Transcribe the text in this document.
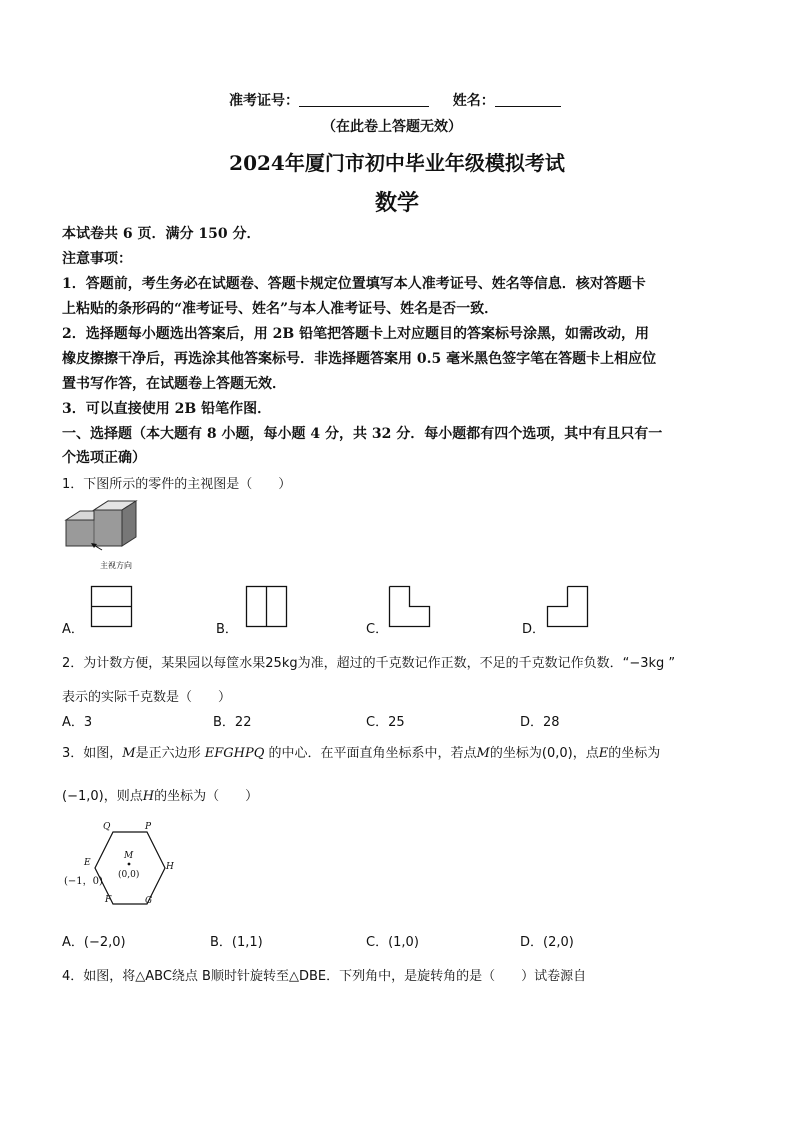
准考证号：	姓名：
（在此卷上答题无效）
2024年厦门市初中毕业年级模拟考试
数学
本试卷共 6 页．满分 150 分．
注意事项：
1．答题前，考生务必在试题卷、答题卡规定位置填写本人准考证号、姓名等信息．核对答题卡
上粘贴的条形码的“准考证号、姓名”与本人准考证号、姓名是否一致．
2．选择题每小题选出答案后，用 2B 铅笔把答题卡上对应题目的答案标号涂黑，如需改动，用
橡皮擦擦干净后，再选涂其他答案标号．非选择题答案用 0.5 毫米黑色签字笔在答题卡上相应位
置书写作答，在试题卷上答题无效．
3．可以直接使用 2B 铅笔作图．
一、选择题（本大题有 8 小题，每小题 4 分，共 32 分．每小题都有四个选项，其中有且只有一
个选项正确）
1．下图所示的零件的主视图是（　　）
主视方向
A．	B．	C．	D．
2．为计数方便，某果园以每筐水果25kg为准，超过的千克数记作正数，不足的千克数记作负数．“−3kg ”
表示的实际千克数是（　　）
A．3	B．22	C．25	D．28
3．如图，M是正六边形 EFGHPQ 的中心．在平面直角坐标系中，若点M的坐标为(0,0)，点E的坐标为
(−1,0)，则点H的坐标为（　　）
Q	P
E	H
F	G
M
(0,0)
(−1，0)
A．(−2,0)	B．(1,1)	C．(1,0)	D．(2,0)
4．如图，将△ABC绕点 B顺时针旋转至△DBE．下列角中，是旋转角的是（　　）试卷源自
